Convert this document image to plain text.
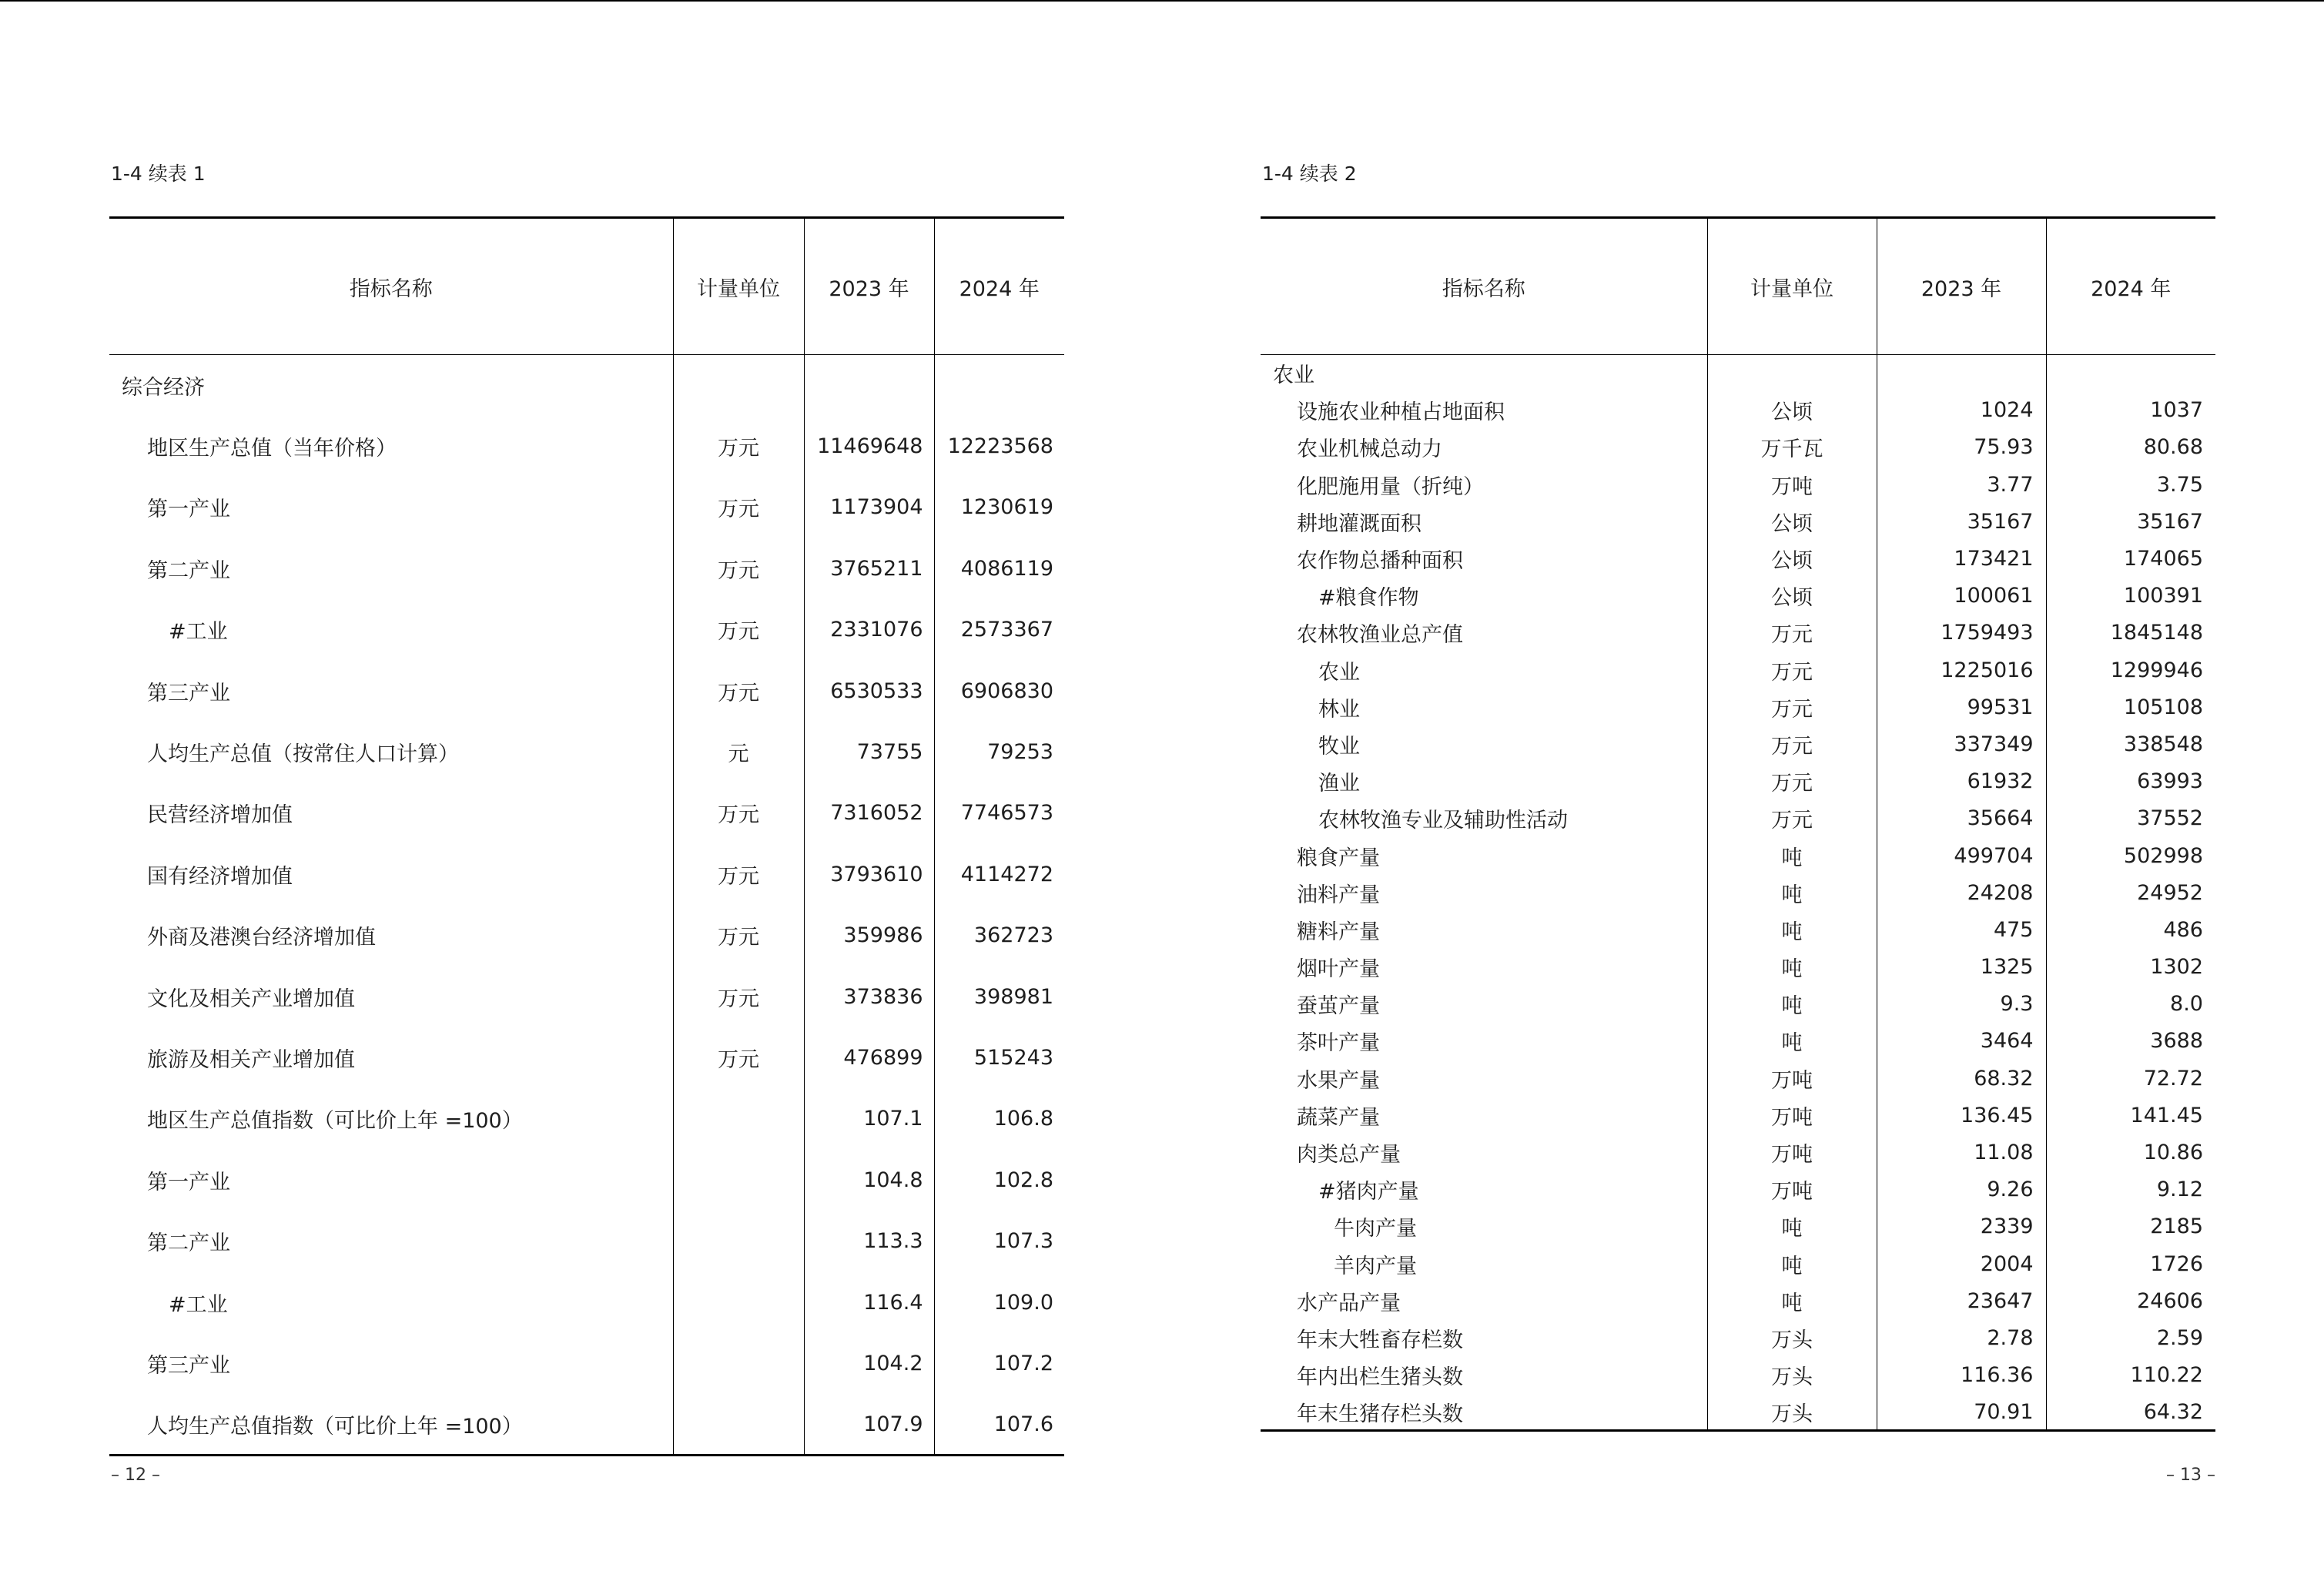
1-4 续表 1
指标名称	计量单位	2023 年	2024 年
综合经济			
地区生产总值（当年价格）	万元	11469648	12223568
第一产业	万元	1173904	1230619
第二产业	万元	3765211	4086119
#工业	万元	2331076	2573367
第三产业	万元	6530533	6906830
人均生产总值（按常住人口计算）	元	73755	79253
民营经济增加值	万元	7316052	7746573
国有经济增加值	万元	3793610	4114272
外商及港澳台经济增加值	万元	359986	362723
文化及相关产业增加值	万元	373836	398981
旅游及相关产业增加值	万元	476899	515243
地区生产总值指数（可比价上年 =100）		107.1	106.8
第一产业		104.8	102.8
第二产业		113.3	107.3
#工业		116.4	109.0
第三产业		104.2	107.2
人均生产总值指数（可比价上年 =100）		107.9	107.6
– 12 –
1-4 续表 2
指标名称	计量单位	2023 年	2024 年
农业			
设施农业种植占地面积	公顷	1024	1037
农业机械总动力	万千瓦	75.93	80.68
化肥施用量（折纯）	万吨	3.77	3.75
耕地灌溉面积	公顷	35167	35167
农作物总播种面积	公顷	173421	174065
#粮食作物	公顷	100061	100391
农林牧渔业总产值	万元	1759493	1845148
农业	万元	1225016	1299946
林业	万元	99531	105108
牧业	万元	337349	338548
渔业	万元	61932	63993
农林牧渔专业及辅助性活动	万元	35664	37552
粮食产量	吨	499704	502998
油料产量	吨	24208	24952
糖料产量	吨	475	486
烟叶产量	吨	1325	1302
蚕茧产量	吨	9.3	8.0
茶叶产量	吨	3464	3688
水果产量	万吨	68.32	72.72
蔬菜产量	万吨	136.45	141.45
肉类总产量	万吨	11.08	10.86
#猪肉产量	万吨	9.26	9.12
牛肉产量	吨	2339	2185
羊肉产量	吨	2004	1726
水产品产量	吨	23647	24606
年末大牲畜存栏数	万头	2.78	2.59
年内出栏生猪头数	万头	116.36	110.22
年末生猪存栏头数	万头	70.91	64.32
– 13 –
